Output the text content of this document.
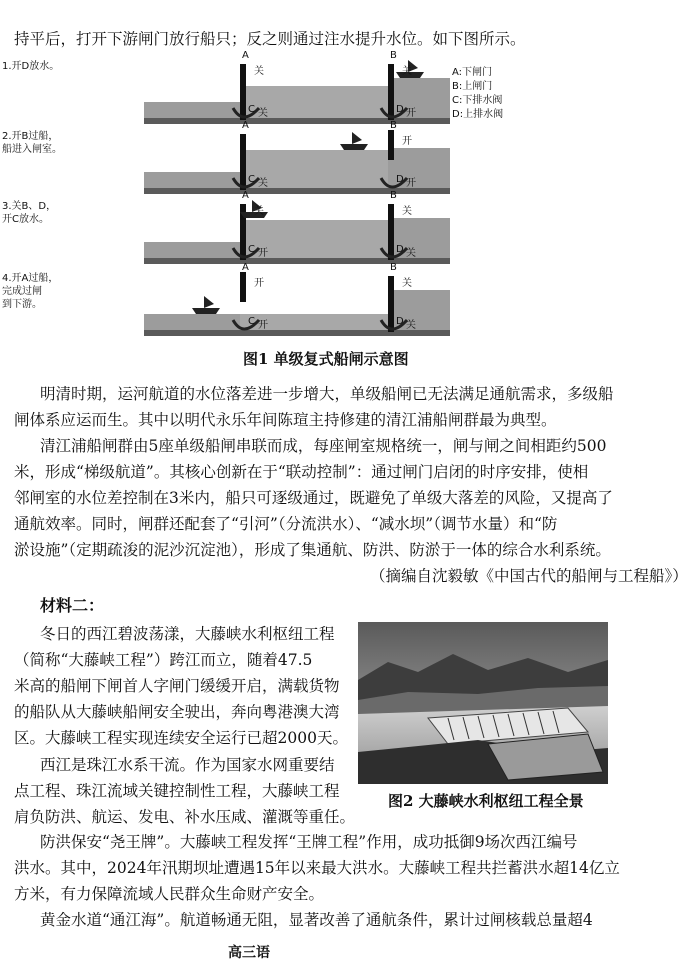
持平后，打开下游闸门放行船只；反之则通过注水提升水位。如下图所示。
A:下闸门
B:上闸门
C:下排水阀
D:上排水阀
1.开D放水。
A
关
B
关
C 关	D 开
2.开B过船，
船进入闸室。
A	B
开
C 关	D 开
3.关B、D，
开C放水。
A
关
B
关
C 开	D 关
4.开A过船，
完成过闸
到下游。
A
开
B
关
C 开	D 关
图1 单级复式船闸示意图
明清时期，运河航道的水位落差进一步增大，单级船闸已无法满足通航需求，多级船
闸体系应运而生。其中以明代永乐年间陈瑄主持修建的清江浦船闸群最为典型。
清江浦船闸群由5座单级船闸串联而成，每座闸室规格统一，闸与闸之间相距约500
米，形成“梯级航道”。其核心创新在于“联动控制”：通过闸门启闭的时序安排，使相
邻闸室的水位差控制在3米内，船只可逐级通过，既避免了单级大落差的风险，又提高了
通航效率。同时，闸群还配套了“引河”（分流洪水）、“减水坝”（调节水量）和“防
淤设施”（定期疏浚的泥沙沉淀池），形成了集通航、防洪、防淤于一体的综合水利系统。
（摘编自沈毅敏《中国古代的船闸与工程船》）
材料二：
冬日的西江碧波荡漾，大藤峡水利枢纽工程
（简称“大藤峡工程”）跨江而立，随着47.5
米高的船闸下闸首人字闸门缓缓开启，满载货物
的船队从大藤峡船闸安全驶出，奔向粤港澳大湾
区。大藤峡工程实现连续安全运行已超2000天。
西江是珠江水系干流。作为国家水网重要结
点工程、珠江流域关键控制性工程，大藤峡工程
肩负防洪、航运、发电、补水压咸、灌溉等重任。
图2 大藤峡水利枢纽工程全景
防洪保安“尧王牌”。大藤峡工程发挥“王牌工程”作用，成功抵御9场次西江编号
洪水。其中，2024年汛期坝址遭遇15年以来最大洪水。大藤峡工程共拦蓄洪水超14亿立
方米，有力保障流域人民群众生命财产安全。
黄金水道“通江海”。航道畅通无阻，显著改善了通航条件，累计过闸核载总量超4
高三语
